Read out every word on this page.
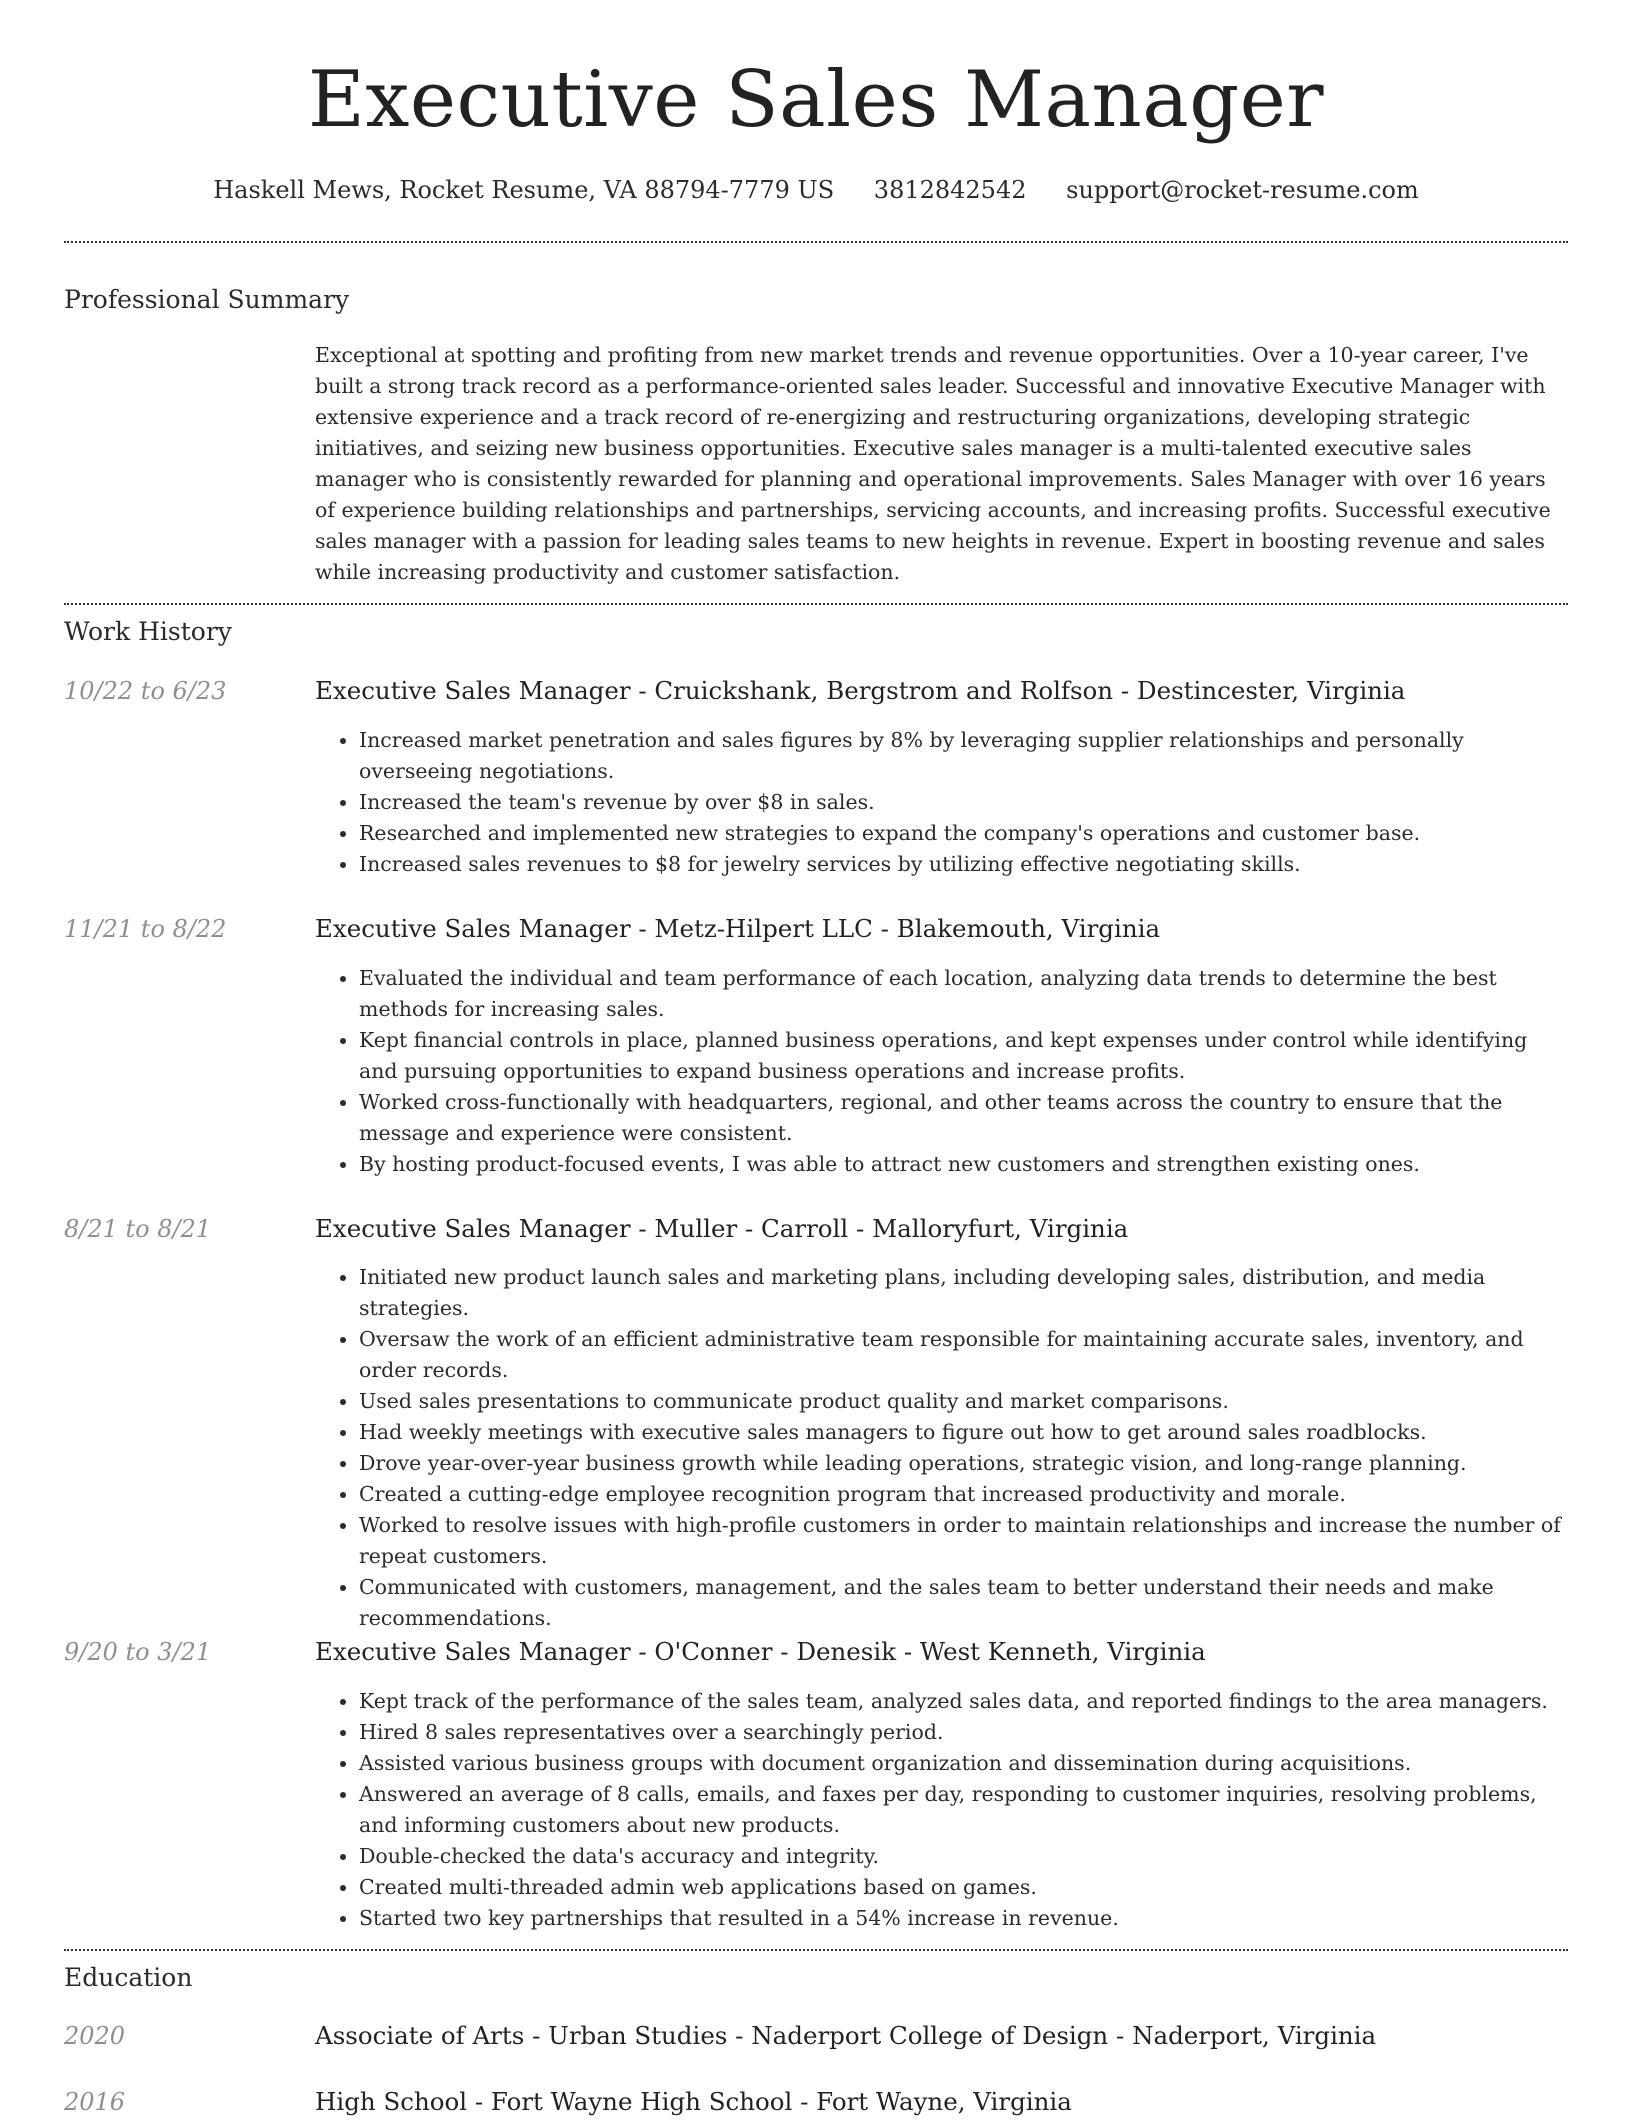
Executive Sales Manager
Haskell Mews, Rocket Resume, VA 88794-7779 US 3812842542 support@rocket-resume.com
Professional Summary

Exceptional at spotting and profiting from new market trends and revenue opportunities. Over a 10-year career, I've built a strong track record as a performance-oriented sales leader. Successful and innovative Executive Manager with extensive experience and a track record of re-energizing and restructuring organizations, developing strategic initiatives, and seizing new business opportunities. Executive sales manager is a multi-talented executive sales manager who is consistently rewarded for planning and operational improvements. Sales Manager with over 16 years of experience building relationships and partnerships, servicing accounts, and increasing profits. Successful executive sales manager with a passion for leading sales teams to new heights in revenue. Expert in boosting revenue and sales while increasing productivity and customer satisfaction.

Work History
10/22 to 6/23	Executive Sales Manager - Cruickshank, Bergstrom and Rolfson - Destincester, Virginia
• Increased market penetration and sales figures by 8% by leveraging supplier relationships and personally overseeing negotiations.
• Increased the team's revenue by over $8 in sales.
• Researched and implemented new strategies to expand the company's operations and customer base.
• Increased sales revenues to $8 for jewelry services by utilizing effective negotiating skills.
11/21 to 8/22	Executive Sales Manager - Metz-Hilpert LLC - Blakemouth, Virginia
• Evaluated the individual and team performance of each location, analyzing data trends to determine the best methods for increasing sales.
• Kept financial controls in place, planned business operations, and kept expenses under control while identifying and pursuing opportunities to expand business operations and increase profits.
• Worked cross-functionally with headquarters, regional, and other teams across the country to ensure that the message and experience were consistent.
• By hosting product-focused events, I was able to attract new customers and strengthen existing ones.
8/21 to 8/21	Executive Sales Manager - Muller - Carroll - Malloryfurt, Virginia
• Initiated new product launch sales and marketing plans, including developing sales, distribution, and media strategies.
• Oversaw the work of an efficient administrative team responsible for maintaining accurate sales, inventory, and order records.
• Used sales presentations to communicate product quality and market comparisons.
• Had weekly meetings with executive sales managers to figure out how to get around sales roadblocks.
• Drove year-over-year business growth while leading operations, strategic vision, and long-range planning.
• Created a cutting-edge employee recognition program that increased productivity and morale.
• Worked to resolve issues with high-profile customers in order to maintain relationships and increase the number of repeat customers.
• Communicated with customers, management, and the sales team to better understand their needs and make recommendations.
9/20 to 3/21	Executive Sales Manager - O'Conner - Denesik - West Kenneth, Virginia
• Kept track of the performance of the sales team, analyzed sales data, and reported findings to the area managers.
• Hired 8 sales representatives over a searchingly period.
• Assisted various business groups with document organization and dissemination during acquisitions.
• Answered an average of 8 calls, emails, and faxes per day, responding to customer inquiries, resolving problems, and informing customers about new products.
• Double-checked the data's accuracy and integrity.
• Created multi-threaded admin web applications based on games.
• Started two key partnerships that resulted in a 54% increase in revenue.
Education
2020	Associate of Arts - Urban Studies - Naderport College of Design - Naderport, Virginia
2016	High School - Fort Wayne High School - Fort Wayne, Virginia
